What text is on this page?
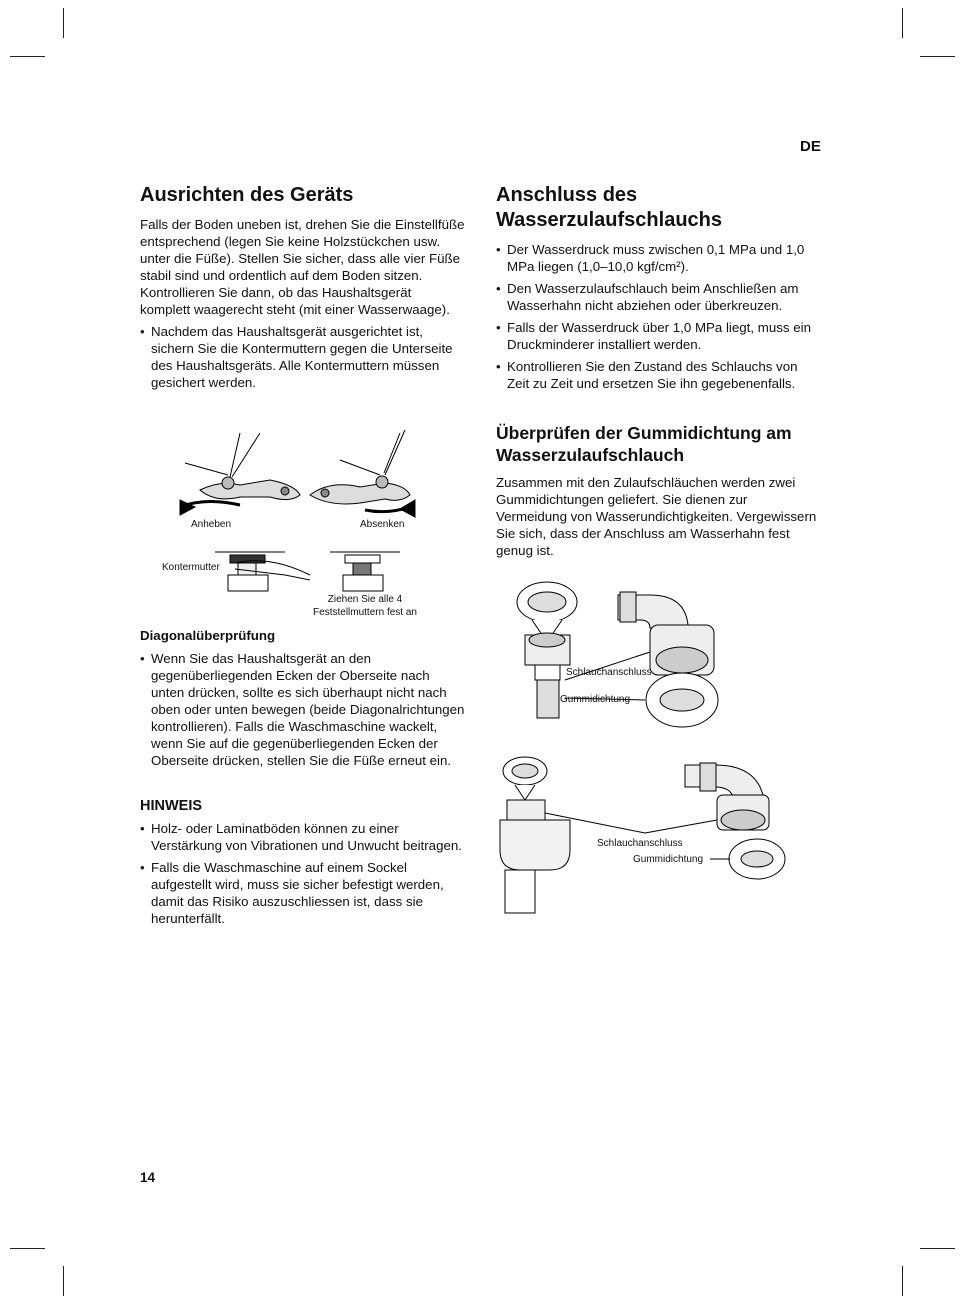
DE
Ausrichten des Geräts
Falls der Boden uneben ist, drehen Sie die Einstellfüße entsprechend (legen Sie keine Holzstückchen usw. unter die Füße). Stellen Sie sicher, dass alle vier Füße stabil sind und ordentlich auf dem Boden sitzen. Kontrollieren Sie dann, ob das Haushaltsgerät komplett waagerecht steht (mit einer Wasserwaage).
• Nachdem das Haushaltsgerät ausgerichtet ist, sichern Sie die Kontermuttern gegen die Unterseite des Haushaltsgeräts. Alle Kontermuttern müssen gesichert werden.
Anheben	Absenken
Kontermutter
Ziehen Sie alle 4 Feststellmuttern fest an
Diagonalüberprüfung
• Wenn Sie das Haushaltsgerät an den gegenüberliegenden Ecken der Oberseite nach unten drücken, sollte es sich überhaupt nicht nach oben oder unten bewegen (beide Diagonalrichtungen kontrollieren). Falls die Waschmaschine wackelt, wenn Sie auf die gegenüberliegenden Ecken der Oberseite drücken, stellen Sie die Füße erneut ein.
HINWEIS
• Holz- oder Laminatböden können zu einer Verstärkung von Vibrationen und Unwucht beitragen.
• Falls die Waschmaschine auf einem Sockel aufgestellt wird, muss sie sicher befestigt werden, damit das Risiko auszuschliessen ist, dass sie herunterfällt.
Anschluss des Wasserzulaufschlauchs
• Der Wasserdruck muss zwischen 0,1 MPa und 1,0 MPa liegen (1,0–10,0 kgf/cm²).
• Den Wasserzulaufschlauch beim Anschließen am Wasserhahn nicht abziehen oder überkreuzen.
• Falls der Wasserdruck über 1,0 MPa liegt, muss ein Druckminderer installiert werden.
• Kontrollieren Sie den Zustand des Schlauchs von Zeit zu Zeit und ersetzen Sie ihn gegebenenfalls.
Überprüfen der Gummidichtung am Wasserzulaufschlauch
Zusammen mit den Zulaufschläuchen werden zwei Gummidichtungen geliefert. Sie dienen zur Vermeidung von Wasserundichtigkeiten. Vergewissern Sie sich, dass der Anschluss am Wasserhahn fest genug ist.
Schlauchanschluss
Gummidichtung
Schlauchanschluss
Gummidichtung
14
